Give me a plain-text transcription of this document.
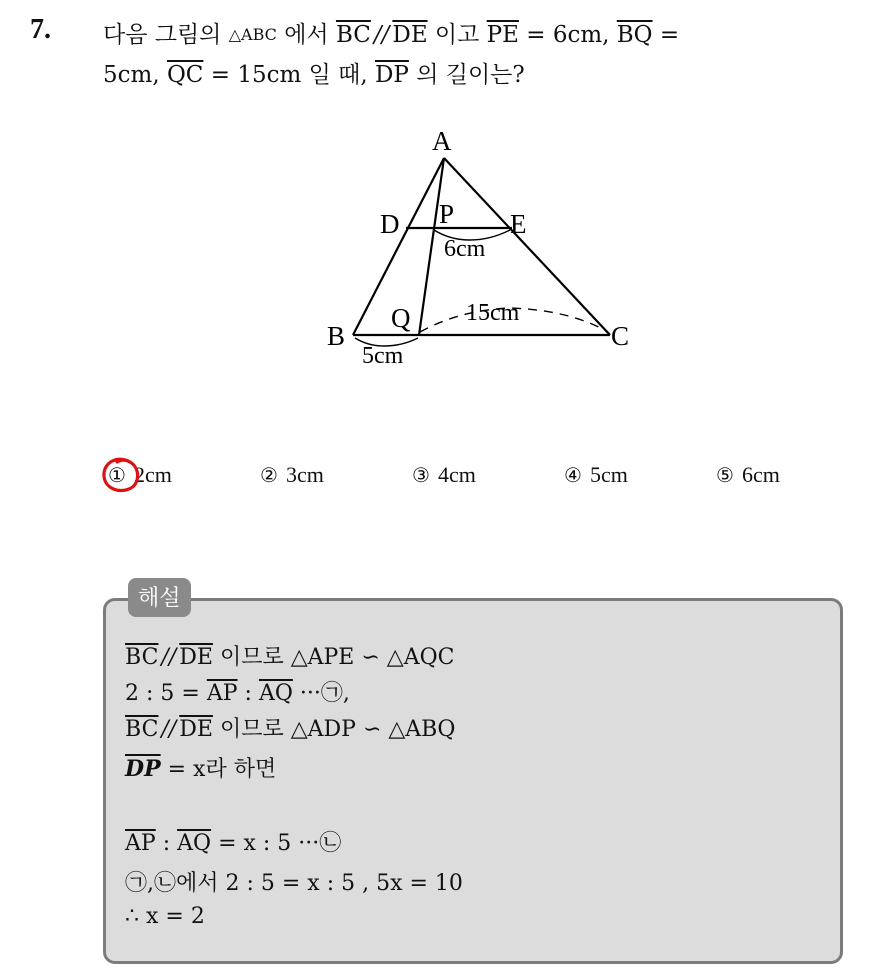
7. 다음 그림의 △ABC 에서 $\overline{BC} // \overline{DE}$ 이고 $\overline{PE} = 6cm$, $\overline{BQ}$ =
5cm, $\overline{QC} = 15cm$ 일 때, $\overline{DP}$ 의 길이는?
A
D P E
Q
B	C
6cm
15cm
5cm
① 2cm	② 3cm	③ 4cm	④ 5cm	⑤ 6cm
해설
$\overline{BC} // \overline{DE}$ 이므로 △APE ∽ △AQC
2 : $5 = \overline{AP}$ : $\overline{AQ}$ ···㉠,
$\overline{BC} // \overline{DE}$ 이므로 △ADP ∽ △ABQ
$\overline{DP} = x$라 하면
$\overline{AP}$ : $\overline{AQ} = x$ : 5 ···㉡
㉠,㉡에서 2 : 5 = x : 5 , 5x = 10
∴ x = 2
